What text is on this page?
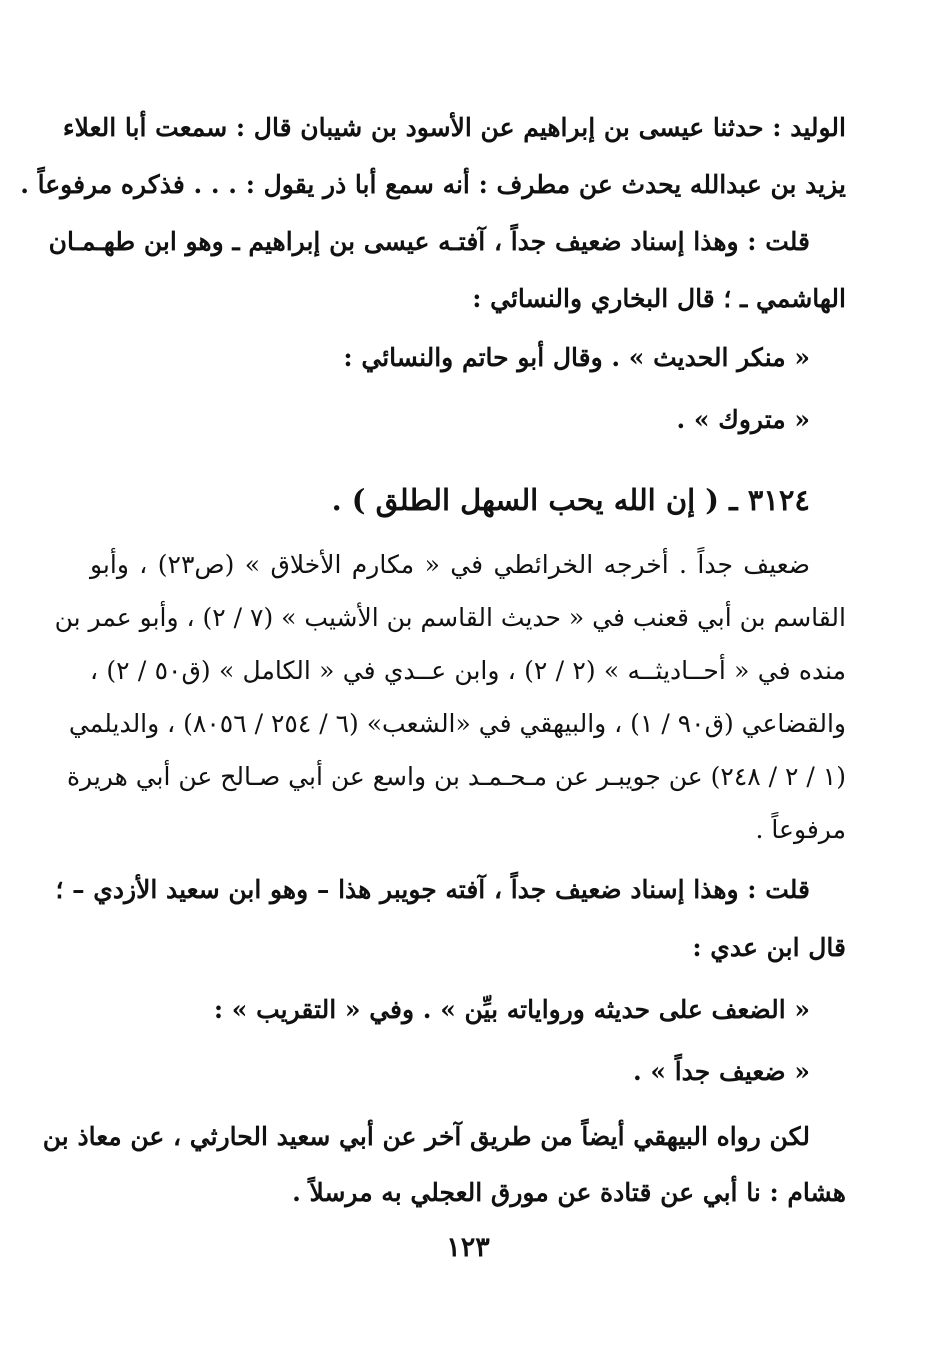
الوليد : حدثنا عيسى بن إبراهيم عن الأسود بن شيبان قال : سمعت أبا العلاء
يزيد بن عبدالله يحدث عن مطرف : أنه سمع أبا ذر يقول : . . . فذكره مرفوعاً .
قلت : وهذا إسناد ضعيف جداً ، آفتـه عيسى بن إبراهيم ـ وهو ابن طهـمـان
الهاشمي ـ ؛ قال البخاري والنسائي :
« منكر الحديث » . وقال أبو حاتم والنسائي :
« متروك » .
٣١٢٤ ـ ( إن الله يحب السهل الطلق ) .
ضعيف جداً . أخرجه الخرائطي في « مكارم الأخلاق » (ص٢٣) ، وأبو
القاسم بن أبي قعنب في « حديث القاسم بن الأشيب » (٧ / ٢) ، وأبو عمر بن
منده في « أحــاديثــه » (٢ / ٢) ، وابن عــدي في « الكامل » (ق٥٠ / ٢) ،
والقضاعي (ق٩٠ / ١) ، والبيهقي في «الشعب» (٦ / ٢٥٤ / ٨٠٥٦) ، والديلمي
(١ / ٢ / ٢٤٨) عن جويبـر عن مـحـمـد بن واسع عن أبي صـالح عن أبي هريرة
مرفوعاً .
قلت : وهذا إسناد ضعيف جداً ، آفته جويبر هذا – وهو ابن سعيد الأزدي – ؛
قال ابن عدي :
« الضعف على حديثه ورواياته بيِّن » . وفي « التقريب » :
« ضعيف جداً » .
لكن رواه البيهقي أيضاً من طريق آخر عن أبي سعيد الحارثي ، عن معاذ بن
هشام : نا أبي عن قتادة عن مورق العجلي به مرسلاً .
١٢٣
